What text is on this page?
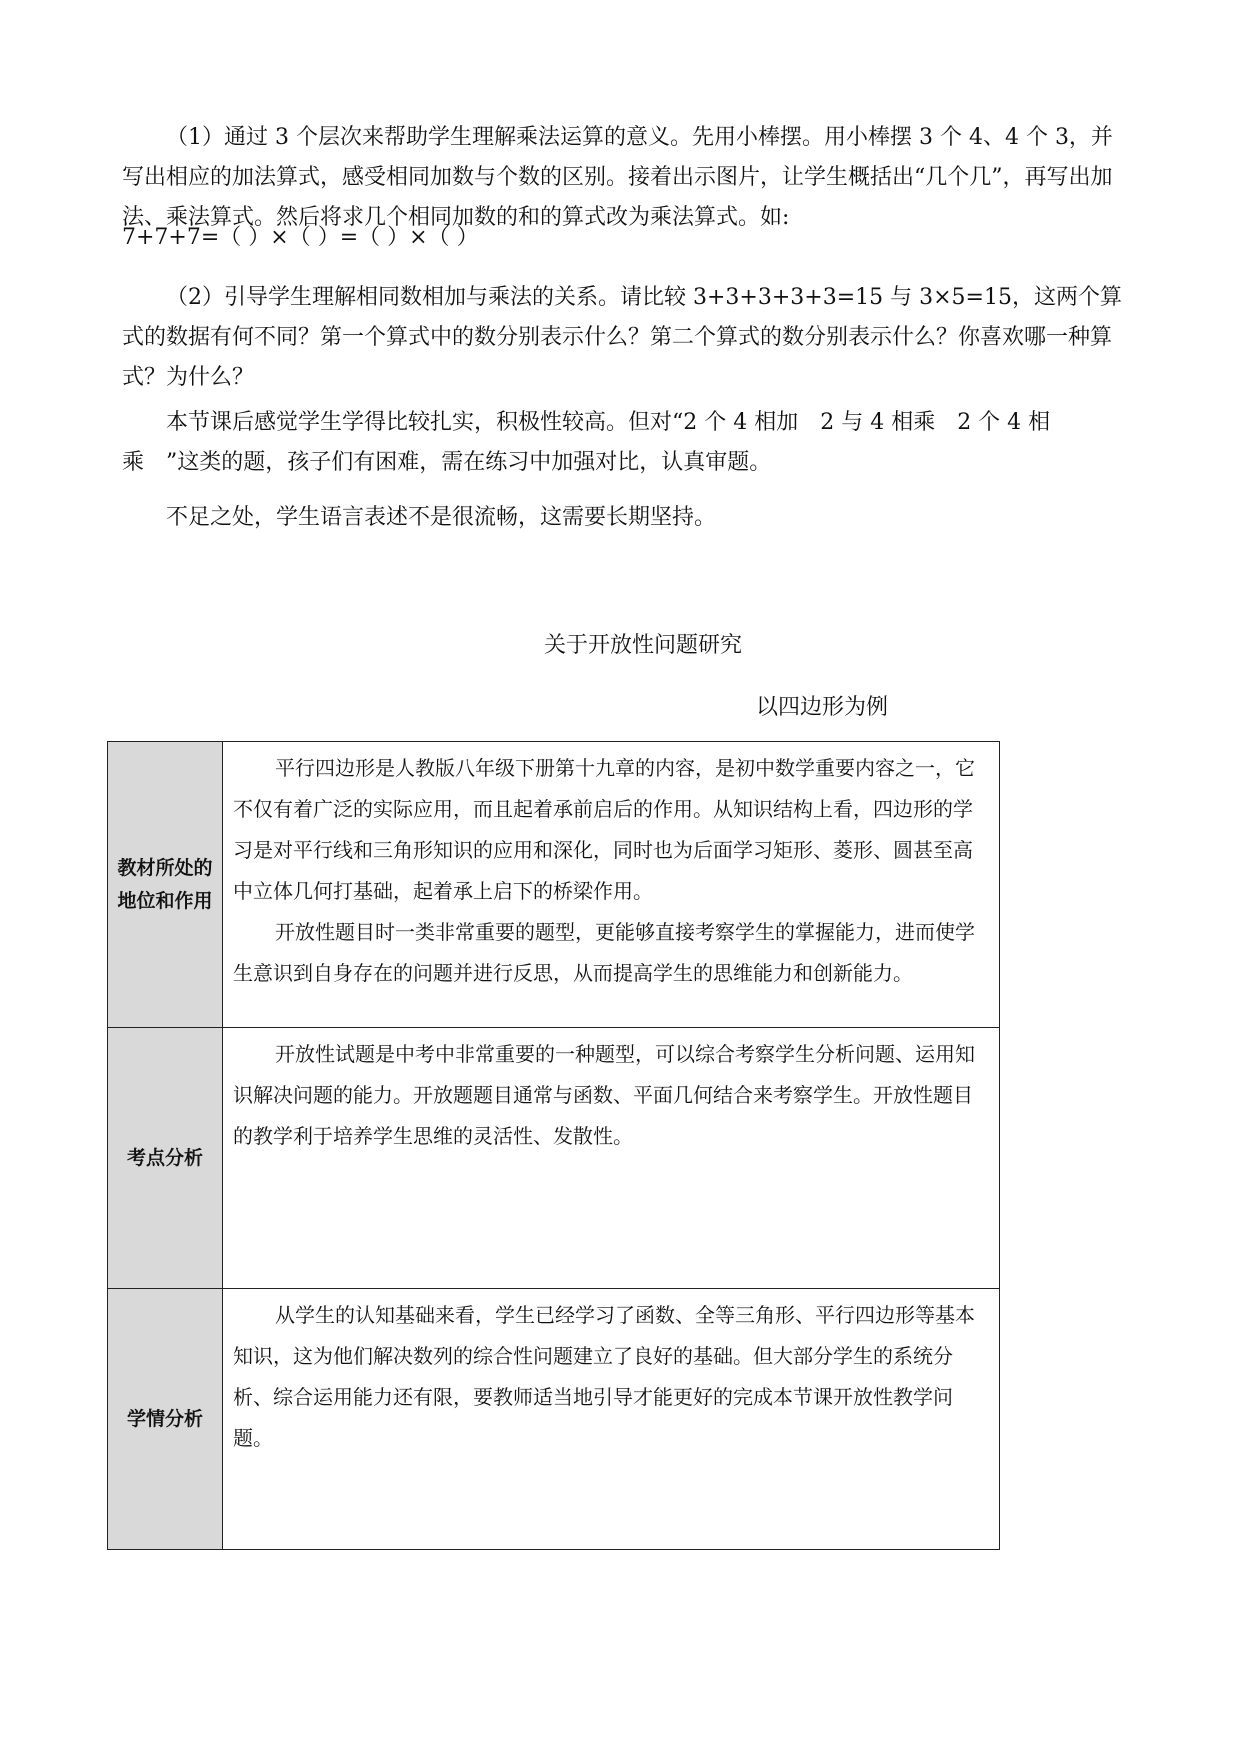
（1）通过 3 个层次来帮助学生理解乘法运算的意义。先用小棒摆。用小棒摆 3 个 4、4 个 3，并写出相应的加法算式，感受相同加数与个数的区别。接着出示图片，让学生概括出“几个几”，再写出加法、乘法算式。然后将求几个相同加数的和的算式改为乘法算式。如:

7+7+7=（ ）×（ ）=（ ）×（ ）

（2）引导学生理解相同数相加与乘法的关系。请比较 3+3+3+3+3=15 与 3×5=15，这两个算式的数据有何不同？第一个算式中的数分别表示什么？第二个算式的数分别表示什么？你喜欢哪一种算式？为什么？

本节课后感觉学生学得比较扎实，积极性较高。但对“2 个 4 相加　2 与 4 相乘　2 个 4 相乘　”这类的题，孩子们有困难，需在练习中加强对比，认真审题。

不足之处，学生语言表述不是很流畅，这需要长期坚持。

关于开放性问题研究

以四边形为例

教材所处的地位和作用	平行四边形是人教版八年级下册第十九章的内容，是初中数学重要内容之一，它不仅有着广泛的实际应用，而且起着承前启后的作用。从知识结构上看，四边形的学习是对平行线和三角形知识的应用和深化，同时也为后面学习矩形、菱形、圆甚至高中立体几何打基础，起着承上启下的桥梁作用。

开放性题目时一类非常重要的题型，更能够直接考察学生的掌握能力，进而使学生意识到自身存在的问题并进行反思，从而提高学生的思维能力和创新能力。

考点分析	开放性试题是中考中非常重要的一种题型，可以综合考察学生分析问题、运用知识解决问题的能力。开放题题目通常与函数、平面几何结合来考察学生。开放性题目的教学利于培养学生思维的灵活性、发散性。

学情分析	从学生的认知基础来看，学生已经学习了函数、全等三角形、平行四边形等基本知识，这为他们解决数列的综合性问题建立了良好的基础。但大部分学生的系统分析、综合运用能力还有限，要教师适当地引导才能更好的完成本节课开放性教学问题。
